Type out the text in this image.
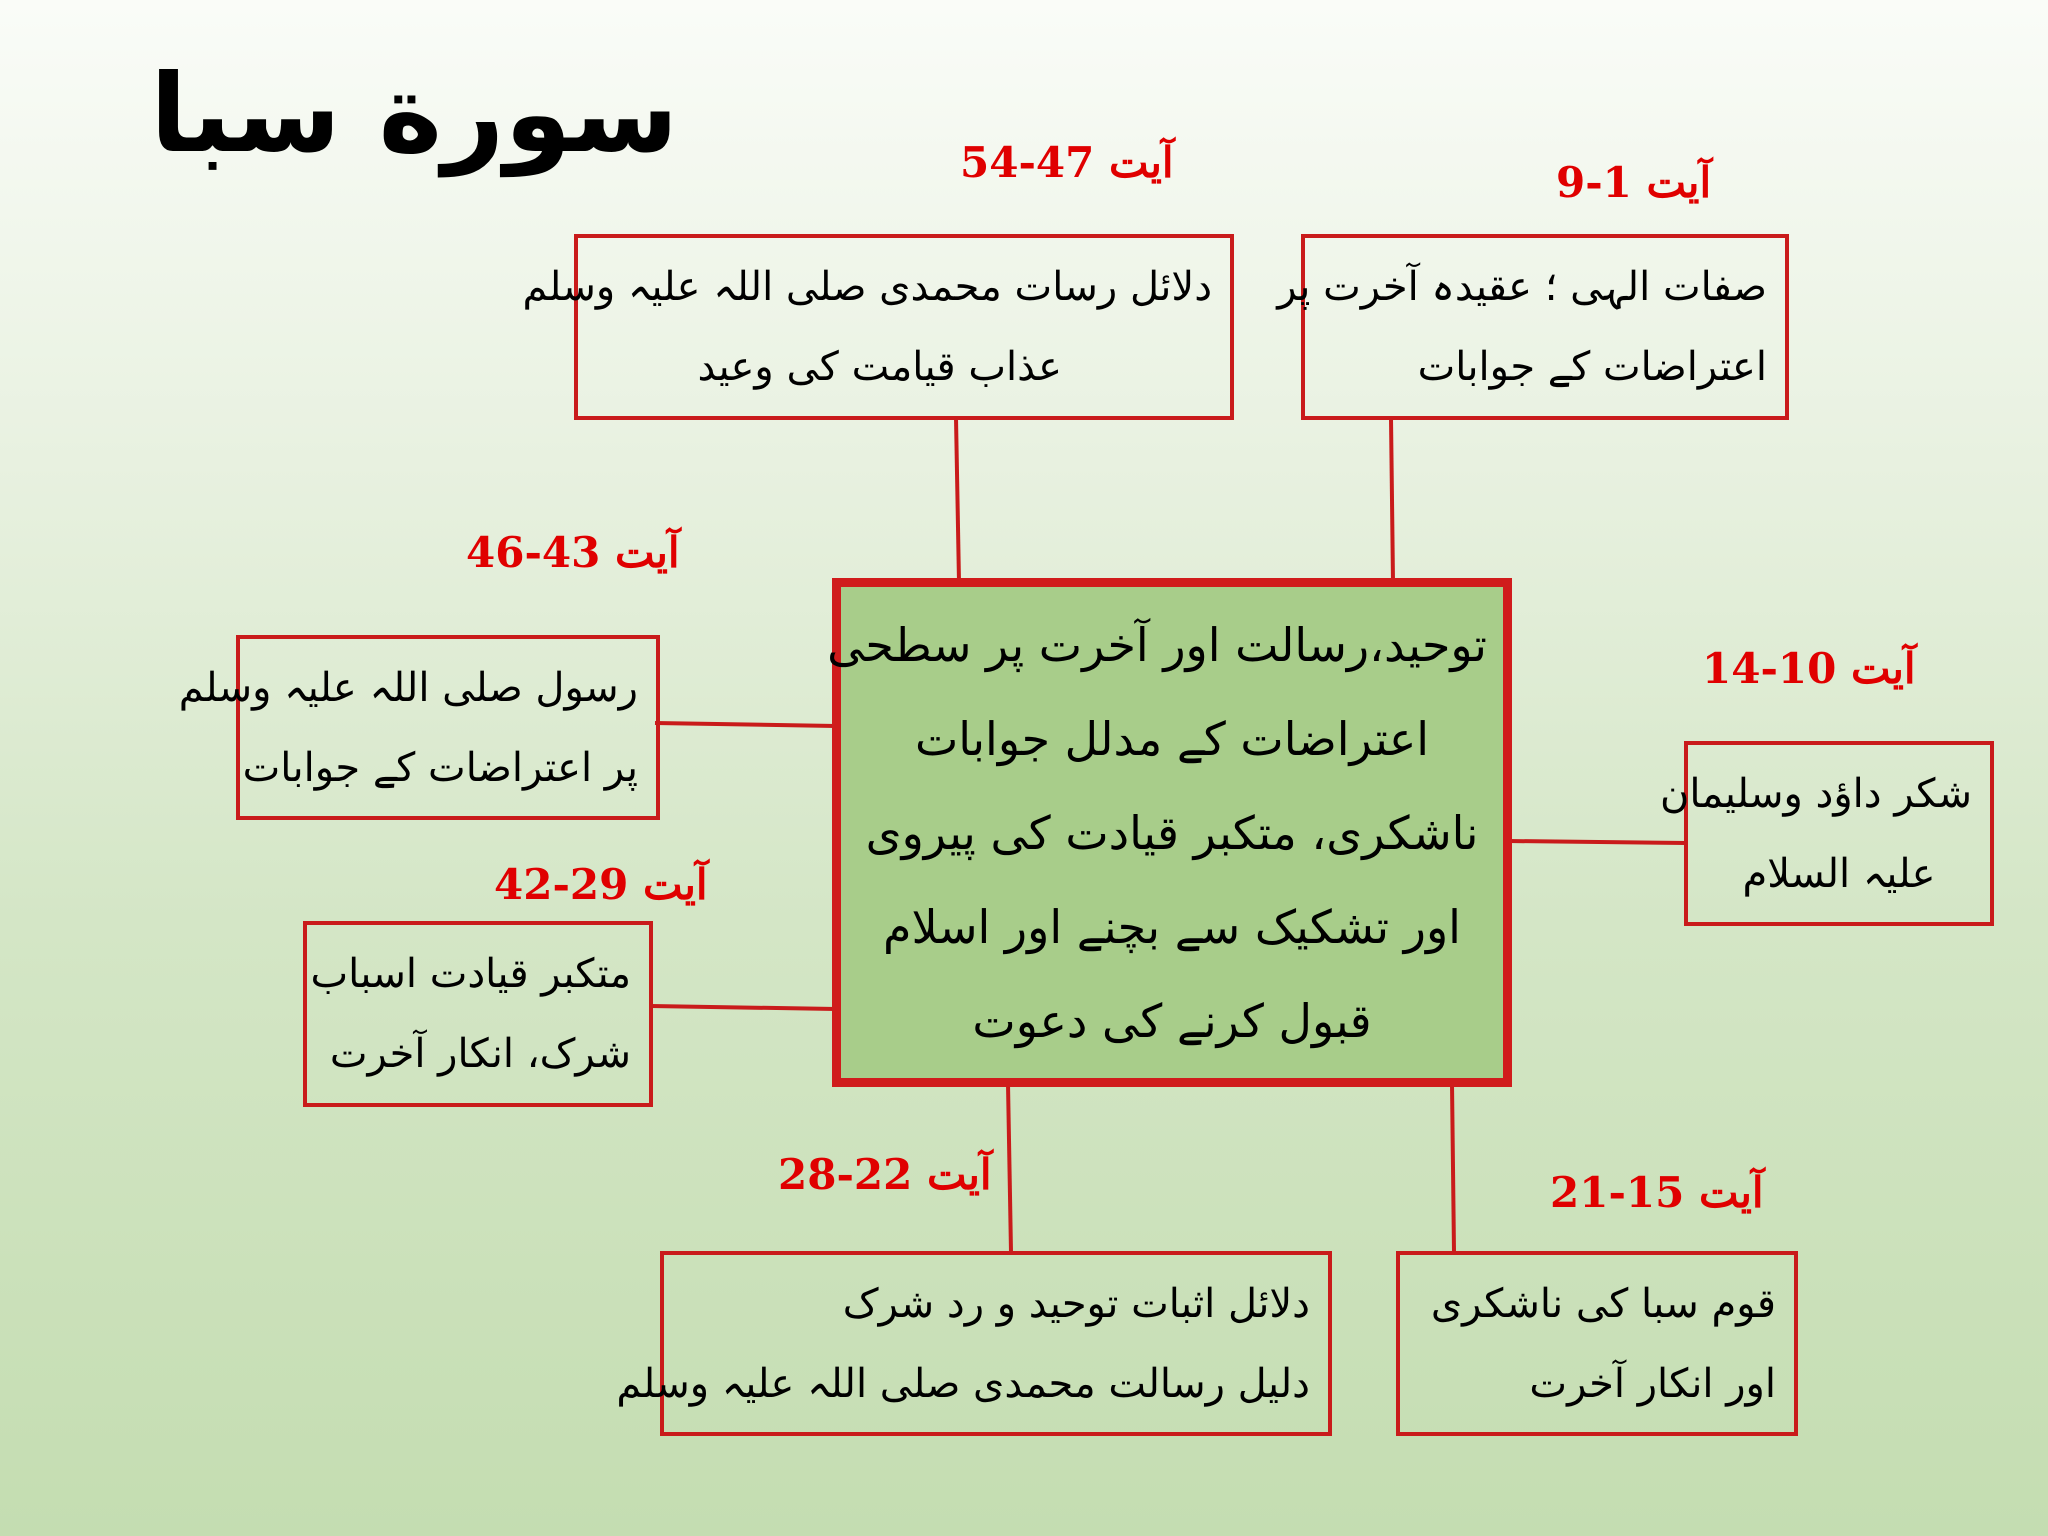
سورة سبا
آیت 1-9
آیت 47-54
آیت 43-46
آیت 10-14
آیت 29-42
آیت 22-28	آیت 15-21
صفات الہی ؛ عقیدہ آخرت پر
اعتراضات کے جوابات
دلائل رسات محمدی صلی اللہ علیہ وسلم
عذاب قیامت کی وعید
رسول صلی اللہ علیہ وسلم
پر اعتراضات کے جوابات
شکر داؤد وسلیمان
علیہ السلام
متکبر قیادت اسباب
شرک، انکار آخرت
دلائل اثبات توحید و رد شرک
دلیل رسالت محمدی صلی اللہ علیہ وسلم
قوم سبا کی ناشکری
اور انکار آخرت
توحید،رسالت اور آخرت پر سطحی
اعتراضات کے مدلل جوابات
ناشکری، متکبر قیادت کی پیروی
اور تشکیک سے بچنے اور اسلام
قبول کرنے کی دعوت
